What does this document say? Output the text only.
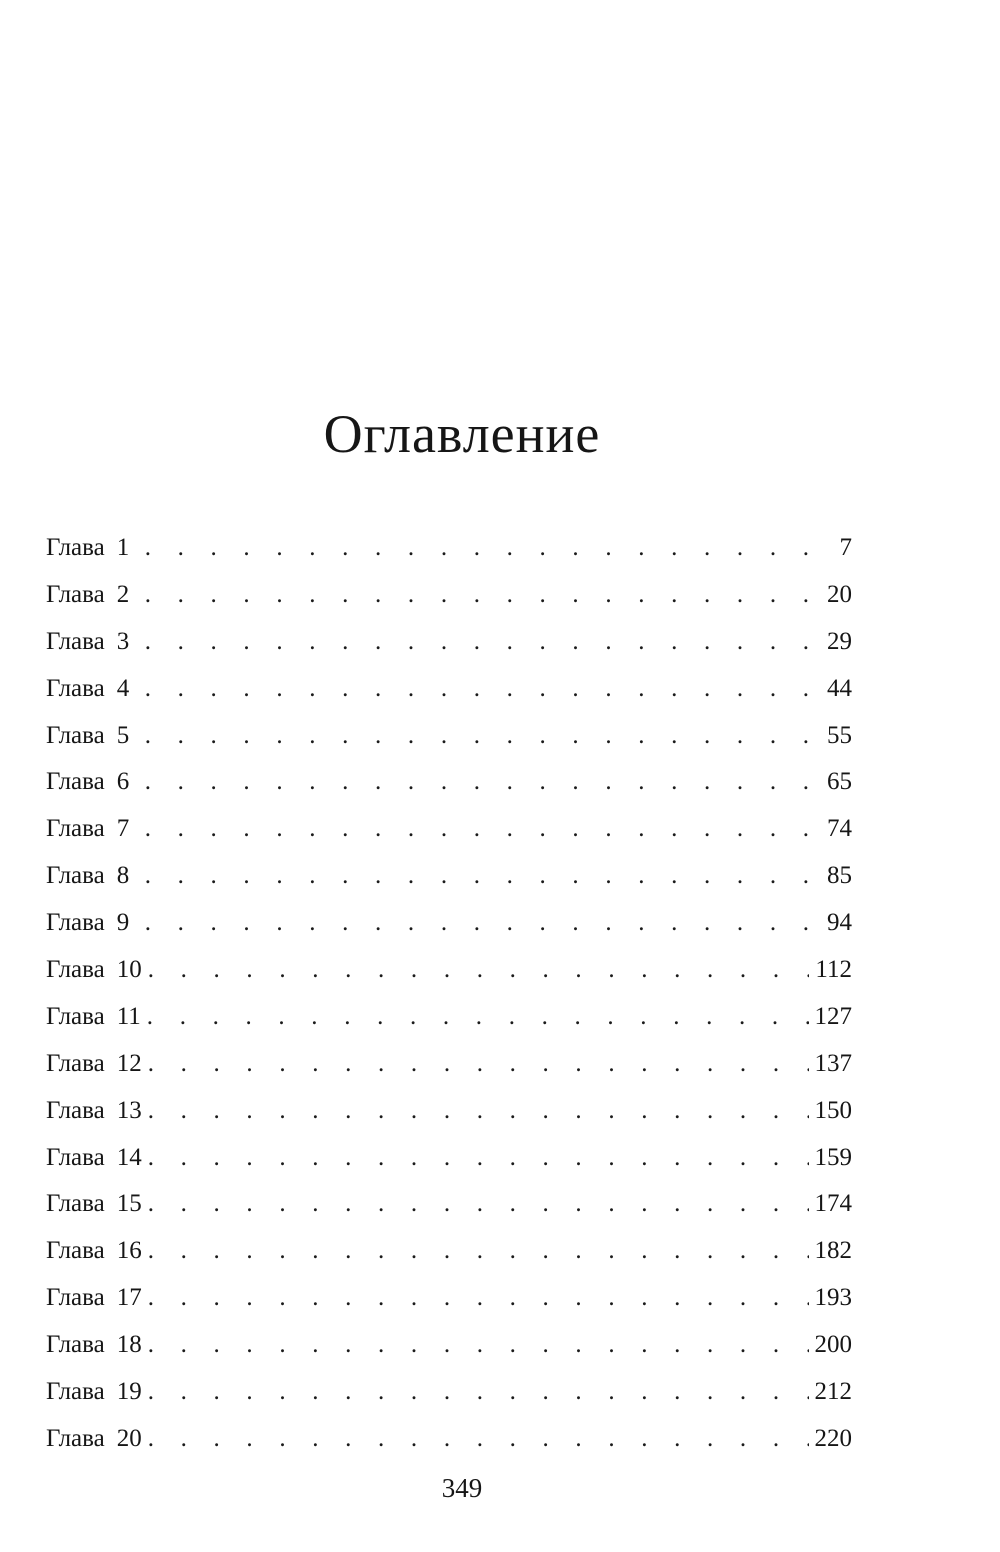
Оглавление
Глава 1 . . .	7
Глава 2 . . .	20
Глава 3 . . .	29
Глава 4 . . .	44
Глава 5 . . .	55
Глава 6 . . .	65
Глава 7 . . .	74
Глава 8 . . .	85
Глава 9 . . .	94
Глава 10 . . .	112
Глава 11 . . .	127
Глава 12 . . .	137
Глава 13 . . .	150
Глава 14 . . .	159
Глава 15 . . .	174
Глава 16 . . .	182
Глава 17 . . .	193
Глава 18 . . .	200
Глава 19 . . .	212
Глава 20 . . .	220
349
